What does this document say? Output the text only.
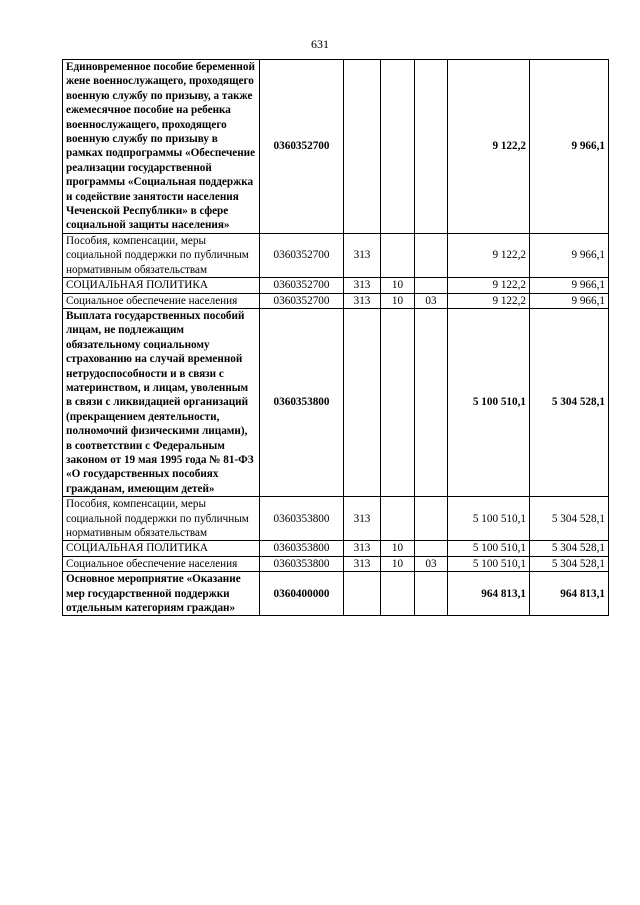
631
Единовременное пособие беременной жене военнослужащего, проходящего военную службу по призыву, а также ежемесячное пособие на ребенка военнослужащего, проходящего военную службу по призыву в рамках подпрограммы «Обеспечение реализации государственной программы «Социальная поддержка и содействие занятости населения Чеченской Республики» в сфере социальной защиты населения»	0360352700				9 122,2	9 966,1
Пособия, компенсации, меры социальной поддержки по публичным нормативным обязательствам	0360352700	313			9 122,2	9 966,1
СОЦИАЛЬНАЯ ПОЛИТИКА	0360352700	313	10		9 122,2	9 966,1
Социальное обеспечение населения	0360352700	313	10	03	9 122,2	9 966,1
Выплата государственных пособий лицам, не подлежащим обязательному социальному страхованию на случай временной нетрудоспособности и в связи с материнством, и лицам, уволенным в связи с ликвидацией организаций (прекращением деятельности, полномочий физическими лицами), в соответствии с Федеральным законом от 19 мая 1995 года № 81-ФЗ «О государственных пособиях гражданам, имеющим детей»	0360353800				5 100 510,1	5 304 528,1
Пособия, компенсации, меры социальной поддержки по публичным нормативным обязательствам	0360353800	313			5 100 510,1	5 304 528,1
СОЦИАЛЬНАЯ ПОЛИТИКА	0360353800	313	10		5 100 510,1	5 304 528,1
Социальное обеспечение населения	0360353800	313	10	03	5 100 510,1	5 304 528,1
Основное мероприятие «Оказание мер государственной поддержки отдельным категориям граждан»	0360400000				964 813,1	964 813,1
